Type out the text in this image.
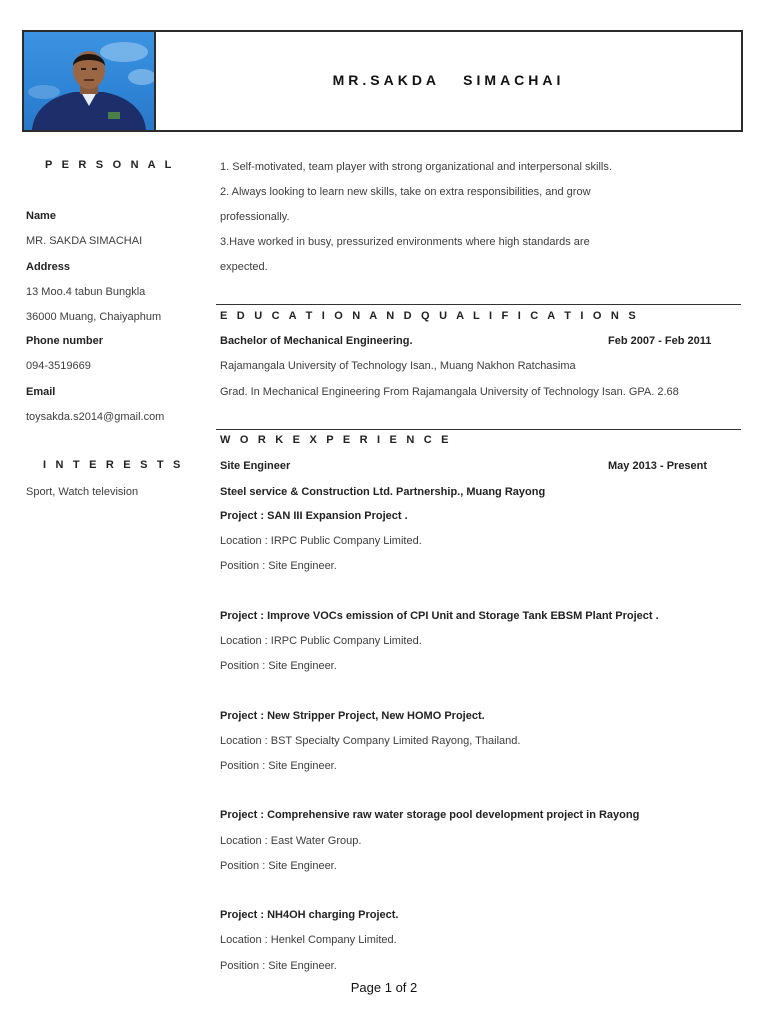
MR.SAKDA   SIMACHAI
P E R S O N A L
Name
MR. SAKDA SIMACHAI
Address
13 Moo.4 tabun Bungkla
36000 Muang, Chaiyaphum
Phone number
094-3519669
Email
toysakda.s2014@gmail.com
I N T E R E S T S
Sport, Watch television
1. Self-motivated, team player with strong organizational and interpersonal skills.
2. Always looking to learn new skills, take on extra responsibilities, and grow
professionally.
3.Have worked in busy, pressurized environments where high standards are
expected.
E D U C A T I O N A N D Q U A L I F I C A T I O N S
Bachelor of Mechanical Engineering.	Feb 2007 - Feb 2011
Rajamangala University of Technology Isan., Muang Nakhon Ratchasima
Grad. In Mechanical Engineering From Rajamangala University of Technology Isan. GPA. 2.68
W O R K E X P E R I E N C E
Site Engineer	May 2013 - Present
Steel service & Construction Ltd. Partnership., Muang Rayong
Project : SAN III Expansion Project .
Location : IRPC Public Company Limited.
Position : Site Engineer.
Project : Improve VOCs emission of CPI Unit and Storage Tank EBSM Plant Project .
Location : IRPC Public Company Limited.
Position : Site Engineer.
Project : New Stripper Project, New HOMO Project.
Location : BST Specialty Company Limited Rayong, Thailand.
Position : Site Engineer.
Project : Comprehensive raw water storage pool development project in Rayong
Location : East Water Group.
Position : Site Engineer.
Project : NH4OH charging Project.
Location : Henkel Company Limited.
Position : Site Engineer.
Page 1 of 2
